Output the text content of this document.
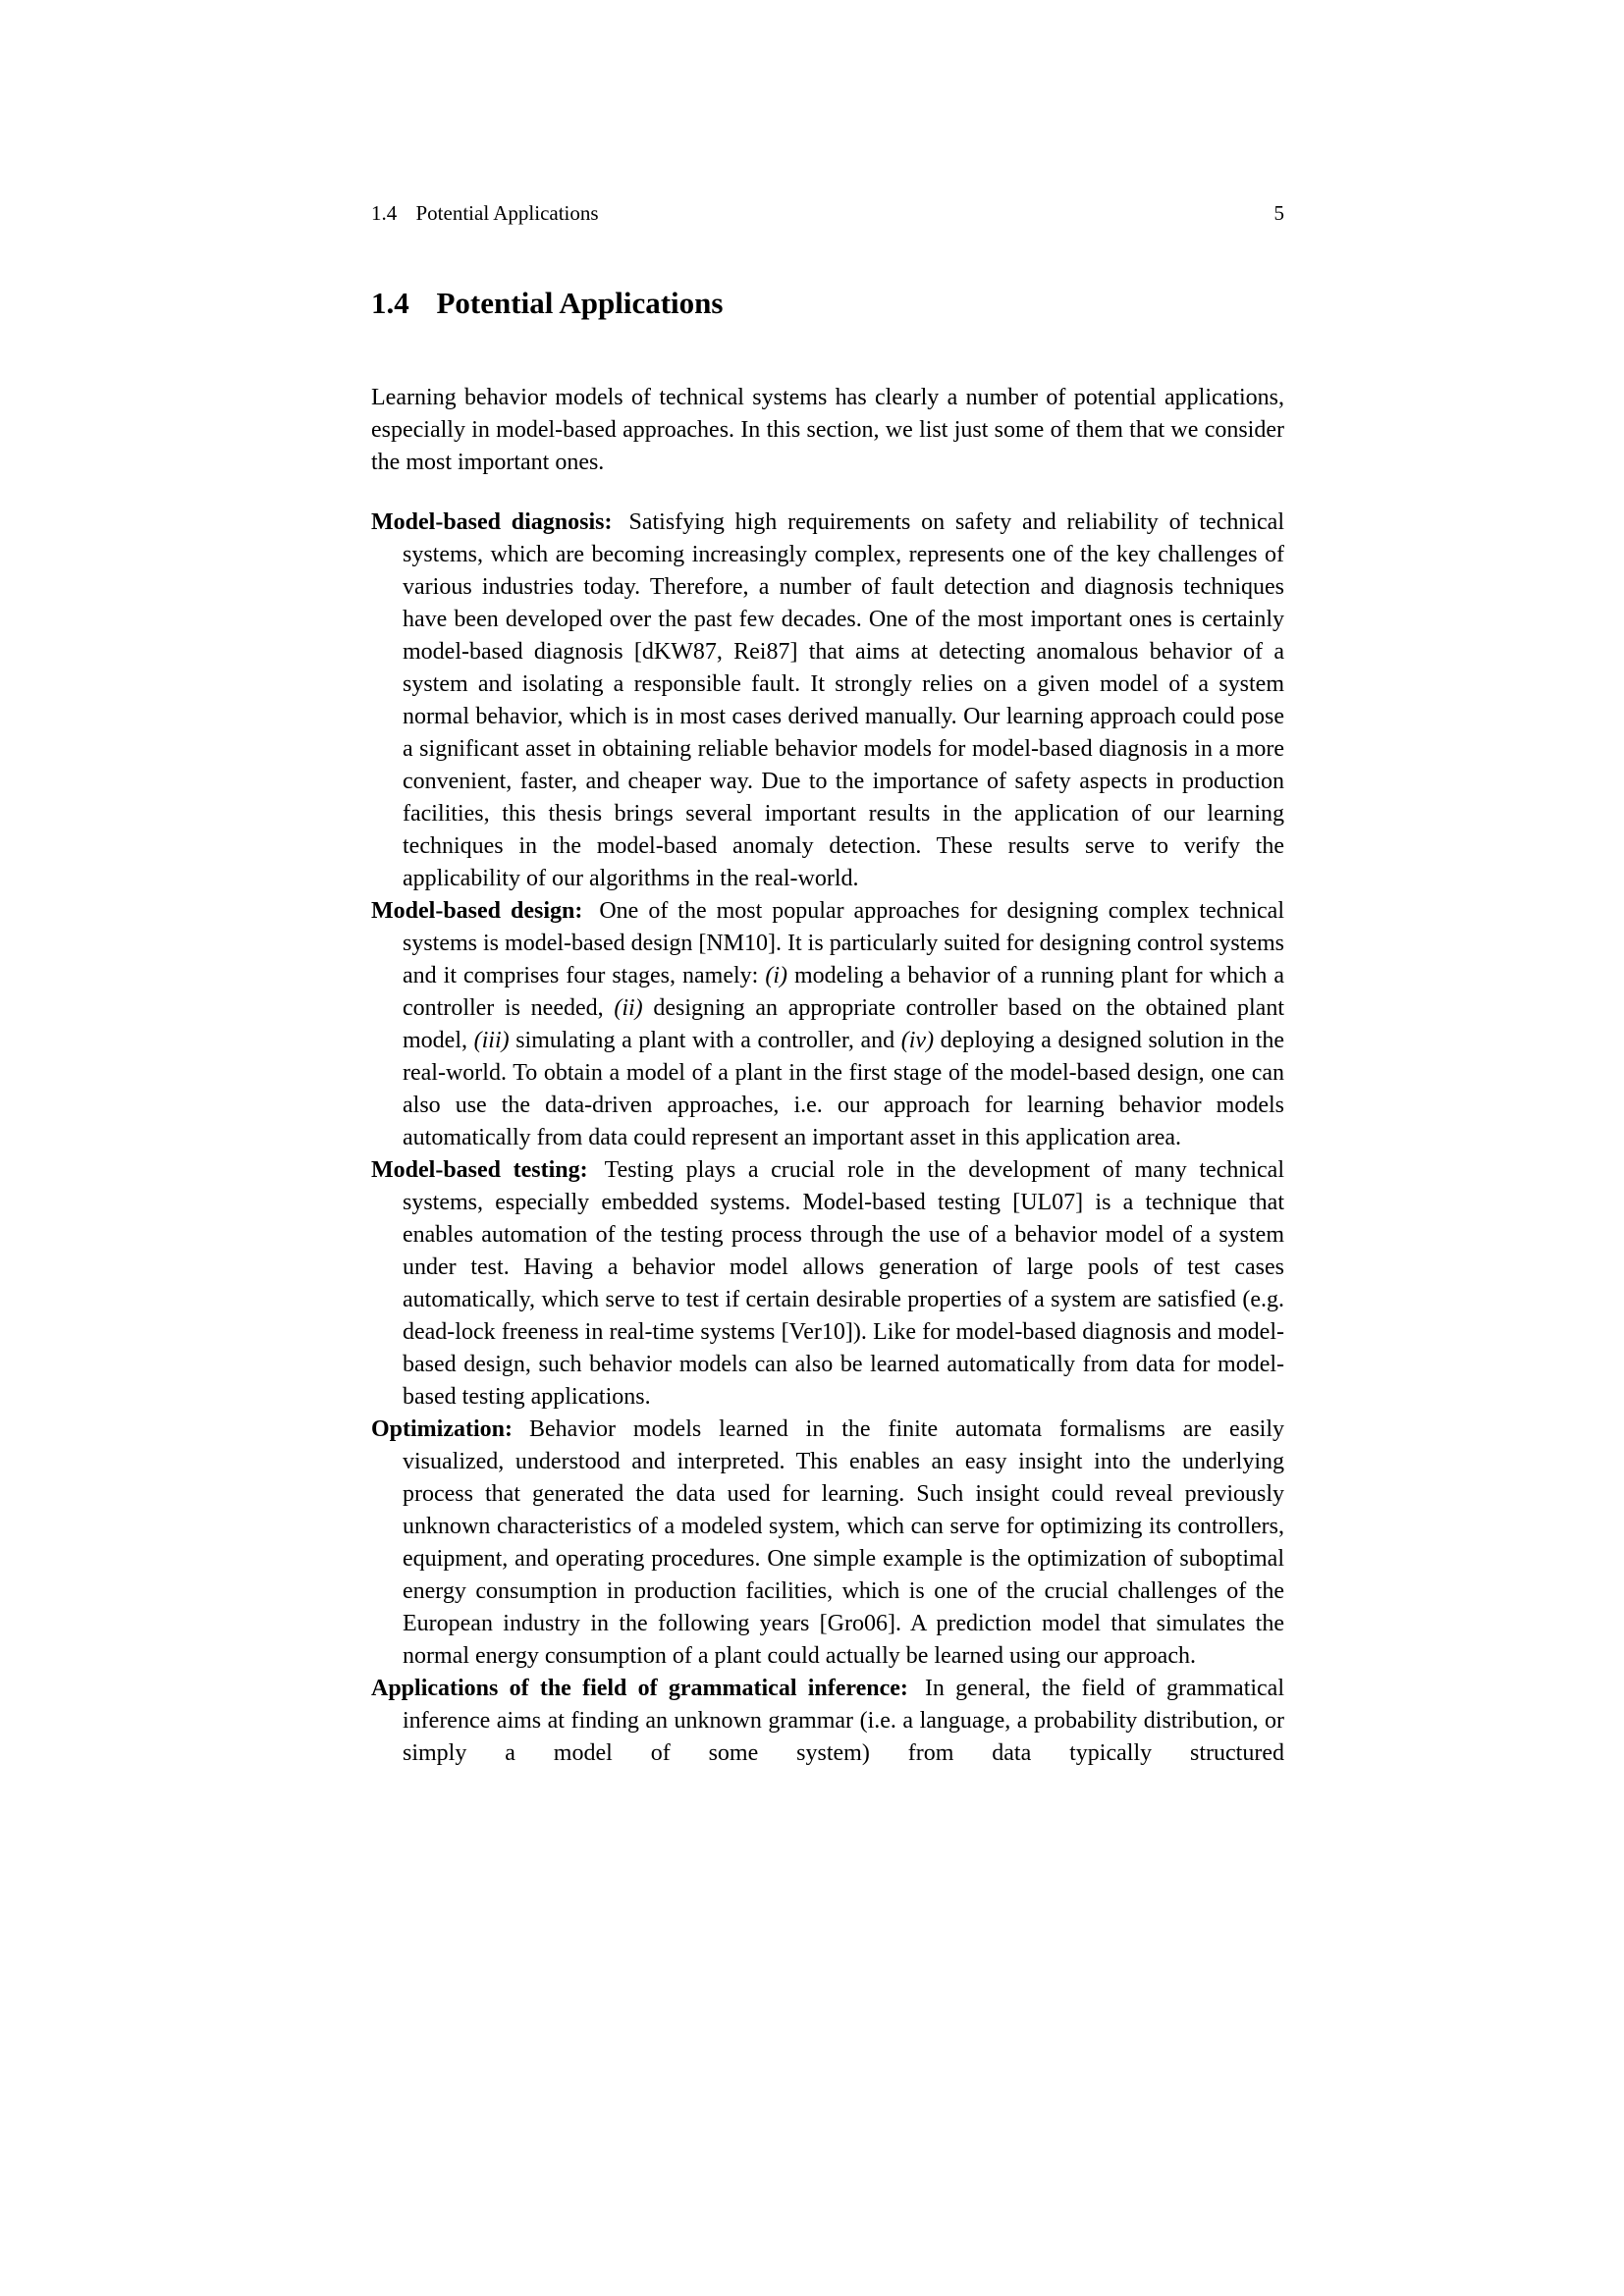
1.4 Potential Applications	5
1.4 Potential Applications

Learning behavior models of technical systems has clearly a number of potential applications, especially in model-based approaches. In this section, we list just some of them that we consider the most important ones.

Model-based diagnosis: Satisfying high requirements on safety and reliability of technical systems, which are becoming increasingly complex, represents one of the key challenges of various industries today. Therefore, a number of fault detection and diagnosis techniques have been developed over the past few decades. One of the most important ones is certainly model-based diagnosis [dKW87, Rei87] that aims at detecting anomalous behavior of a system and isolating a responsible fault. It strongly relies on a given model of a system normal behavior, which is in most cases derived manually. Our learning approach could pose a significant asset in obtaining reliable behavior models for model-based diagnosis in a more convenient, faster, and cheaper way. Due to the importance of safety aspects in production facilities, this thesis brings several important results in the application of our learning techniques in the model-based anomaly detection. These results serve to verify the applicability of our algorithms in the real-world.

Model-based design: One of the most popular approaches for designing complex technical systems is model-based design [NM10]. It is particularly suited for designing control systems and it comprises four stages, namely: (i) modeling a behavior of a running plant for which a controller is needed, (ii) designing an appropriate controller based on the obtained plant model, (iii) simulating a plant with a controller, and (iv) deploying a designed solution in the real-world. To obtain a model of a plant in the first stage of the model-based design, one can also use the data-driven approaches, i.e. our approach for learning behavior models automatically from data could represent an important asset in this application area.

Model-based testing: Testing plays a crucial role in the development of many technical systems, especially embedded systems. Model-based testing [UL07] is a technique that enables automation of the testing process through the use of a behavior model of a system under test. Having a behavior model allows generation of large pools of test cases automatically, which serve to test if certain desirable properties of a system are satisfied (e.g. dead-lock freeness in real-time systems [Ver10]). Like for model-based diagnosis and model-based design, such behavior models can also be learned automatically from data for model-based testing applications.

Optimization: Behavior models learned in the finite automata formalisms are easily visualized, understood and interpreted. This enables an easy insight into the underlying process that generated the data used for learning. Such insight could reveal previously unknown characteristics of a modeled system, which can serve for optimizing its controllers, equipment, and operating procedures. One simple example is the optimization of suboptimal energy consumption in production facilities, which is one of the crucial challenges of the European industry in the following years [Gro06]. A prediction model that simulates the normal energy consumption of a plant could actually be learned using our approach.

Applications of the field of grammatical inference: In general, the field of grammatical inference aims at finding an unknown grammar (i.e. a language, a probability distribution, or simply a model of some system) from data typically structured
